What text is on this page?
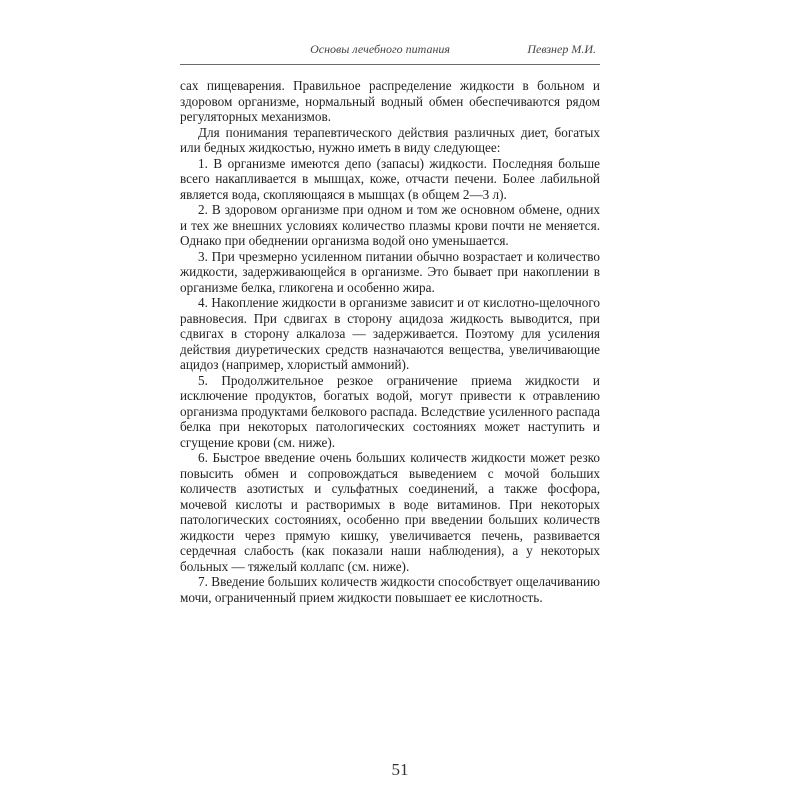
Основы лечебного питания	Певзнер М.И.

сах пищеварения. Правильное распределение жидкости в больном и здоровом организме, нормальный водный обмен обеспечиваются рядом регуляторных механизмов.

Для понимания терапевтического действия различных диет, богатых или бедных жидкостью, нужно иметь в виду следующее:

1. В организме имеются депо (запасы) жидкости. Последняя больше всего накапливается в мышцах, коже, отчасти печени. Более лабильной является вода, скопляющаяся в мышцах (в общем 2—3 л).

2. В здоровом организме при одном и том же основном обмене, одних и тех же внешних условиях количество плазмы крови почти не меняется. Однако при обеднении организма водой оно уменьшается.

3. При чрезмерно усиленном питании обычно возрастает и количество жидкости, задерживающейся в организме. Это бывает при накоплении в организме белка, гликогена и особенно жира.

4. Накопление жидкости в организме зависит и от кислотно-щелочного равновесия. При сдвигах в сторону ацидоза жидкость выводится, при сдвигах в сторону алкалоза — задерживается. Поэтому для усиления действия диуретических средств назначаются вещества, увеличивающие ацидоз (например, хлористый аммоний).

5. Продолжительное резкое ограничение приема жидкости и исключение продуктов, богатых водой, могут привести к отравлению организма продуктами белкового распада. Вследствие усиленного распада белка при некоторых патологических состояниях может наступить и сгущение крови (см. ниже).

6. Быстрое введение очень больших количеств жидкости может резко повысить обмен и сопровождаться выведением с мочой больших количеств азотистых и сульфатных соединений, а также фосфора, мочевой кислоты и растворимых в воде витаминов. При некоторых патологических состояниях, особенно при введении больших количеств жидкости через прямую кишку, увеличивается печень, развивается сердечная слабость (как показали наши наблюдения), а у некоторых больных — тяжелый коллапс (см. ниже).

7. Введение больших количеств жидкости способствует ощелачиванию мочи, ограниченный прием жидкости повышает ее кислотность.

51
